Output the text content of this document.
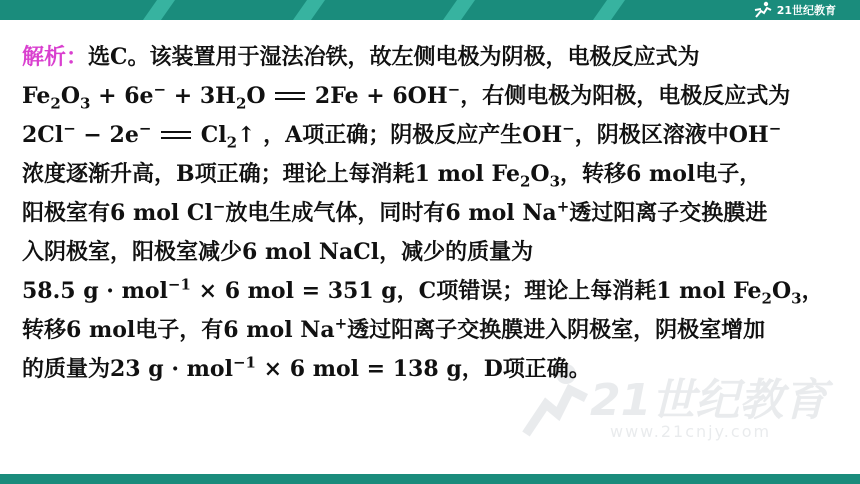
21世纪教育
21世纪教育
www.21cnjy.com
解析：选C。该装置用于湿法冶铁，故左侧电极为阴极，电极反应式为
$Fe_2O_3 + 6e^- + 3H_2O$  2Fe + 6OH−，右侧电极为阳极，电极反应式为
2Cl− − 2e−  $Cl_2↑$ ，A项正确；阴极反应产生OH−，阴极区溶液中OH−
浓度逐渐升高，B项正确；理论上每消耗1 mol $Fe_2O_3$，转移6 mol电子，
阳极室有6 mol Cl−放电生成气体，同时有6 mol Na+透过阳离子交换膜进
入阴极室，阳极室减少6 mol NaCl，减少的质量为
58.5 g · mol$^{-1}$ × 6 mol = 351 g，C项错误；理论上每消耗1 mol $Fe_2O_3$，
转移6 mol电子，有6 mol Na+透过阳离子交换膜进入阴极室，阴极室增加
的质量为23 g · mol$^{-1}$ × 6 mol = 138 g，D项正确。
